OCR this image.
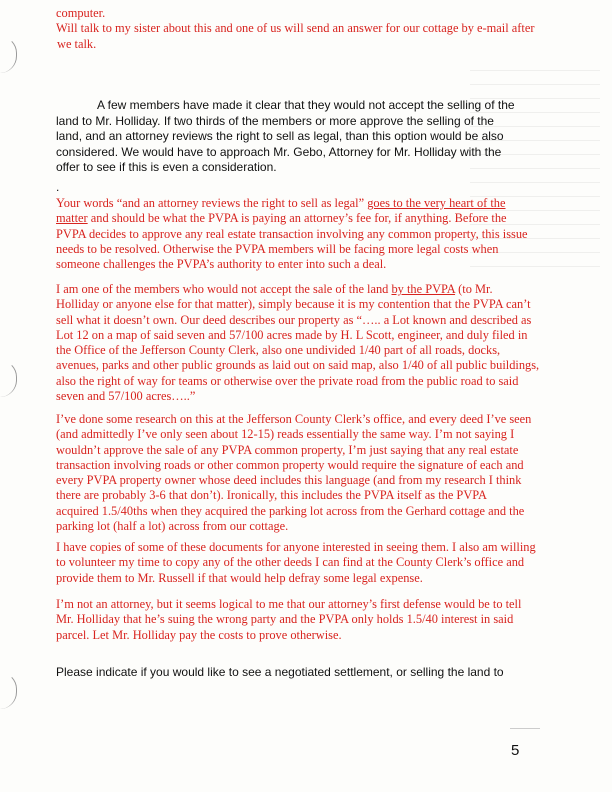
computer.
Will talk to my sister about this and one of us will send an answer for our cottage by e-mail after
we talk.
A few members have made it clear that they would not accept the selling of the
land to Mr. Holliday. If two thirds of the members or more approve the selling of the
land, and an attorney reviews the right to sell as legal, than this option would be also
considered. We would have to approach Mr. Gebo, Attorney for Mr. Holliday with the
offer to see if this is even a consideration.
.
Your words “and an attorney reviews the right to sell as legal” goes to the very heart of the
matter and should be what the PVPA is paying an attorney’s fee for, if anything. Before the
PVPA decides to approve any real estate transaction involving any common property, this issue
needs to be resolved. Otherwise the PVPA members will be facing more legal costs when
someone challenges the PVPA’s authority to enter into such a deal.
I am one of the members who would not accept the sale of the land by the PVPA (to Mr.
Holliday or anyone else for that matter), simply because it is my contention that the PVPA can’t
sell what it doesn’t own. Our deed describes our property as “….. a Lot known and described as
Lot 12 on a map of said seven and 57/100 acres made by H. L Scott, engineer, and duly filed in
the Office of the Jefferson County Clerk, also one undivided 1/40 part of all roads, docks,
avenues, parks and other public grounds as laid out on said map, also 1/40 of all public buildings,
also the right of way for teams or otherwise over the private road from the public road to said
seven and 57/100 acres…..”
I’ve done some research on this at the Jefferson County Clerk’s office, and every deed I’ve seen
(and admittedly I’ve only seen about 12-15) reads essentially the same way. I’m not saying I
wouldn’t approve the sale of any PVPA common property, I’m just saying that any real estate
transaction involving roads or other common property would require the signature of each and
every PVPA property owner whose deed includes this language (and from my research I think
there are probably 3-6 that don’t). Ironically, this includes the PVPA itself as the PVPA
acquired 1.5/40ths when they acquired the parking lot across from the Gerhard cottage and the
parking lot (half a lot) across from our cottage.
I have copies of some of these documents for anyone interested in seeing them. I also am willing
to volunteer my time to copy any of the other deeds I can find at the County Clerk’s office and
provide them to Mr. Russell if that would help defray some legal expense.
I’m not an attorney, but it seems logical to me that our attorney’s first defense would be to tell
Mr. Holliday that he’s suing the wrong party and the PVPA only holds 1.5/40 interest in said
parcel. Let Mr. Holliday pay the costs to prove otherwise.
Please indicate if you would like to see a negotiated settlement, or selling the land to
5
